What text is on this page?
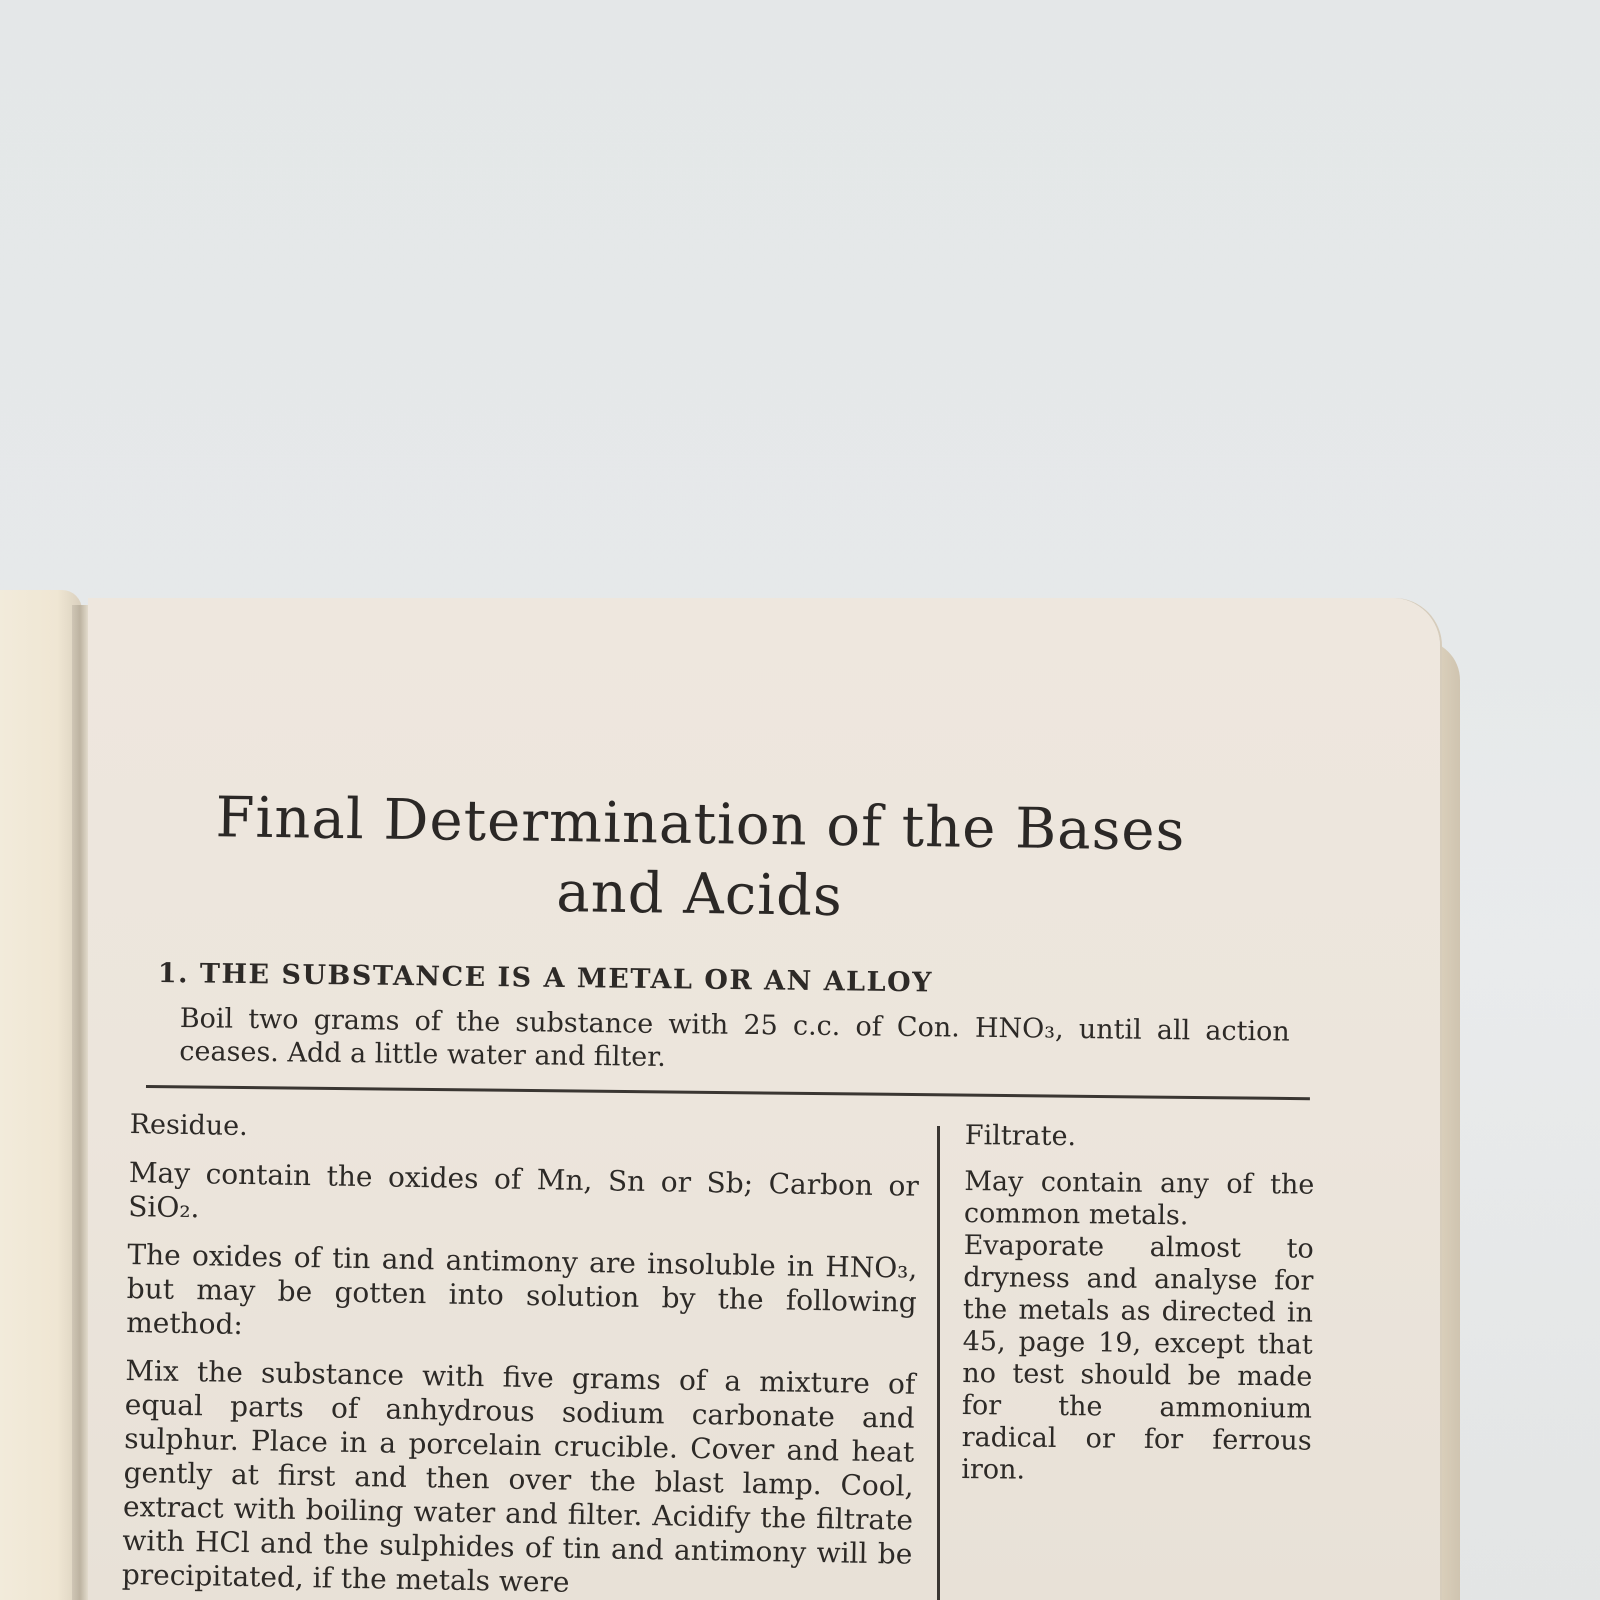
Final Determination of the Bases
and Acids
1. THE SUBSTANCE IS A METAL OR AN ALLOY

Boil two grams of the substance with 25 c.c. of Con. HNO₃, until all action ceases. Add a little water and filter.

Residue.

May contain the oxides of Mn, Sn or Sb; Carbon or SiO₂.

The oxides of tin and antimony are insoluble in HNO₃, but may be gotten into solution by the following method:

Mix the substance with five grams of a mixture of equal parts of anhydrous sodium carbonate and sulphur. Place in a porcelain crucible. Cover and heat gently at first and then over the blast lamp. Cool, extract with boiling water and filter. Acidify the filtrate with HCl and the sulphides of tin and antimony will be precipitated, if the metals were

Filtrate.

May contain any of the common metals.

Evaporate almost to dryness and analyse for the metals as directed in 45, page 19, except that no test should be made for the ammonium radical or for ferrous iron.
